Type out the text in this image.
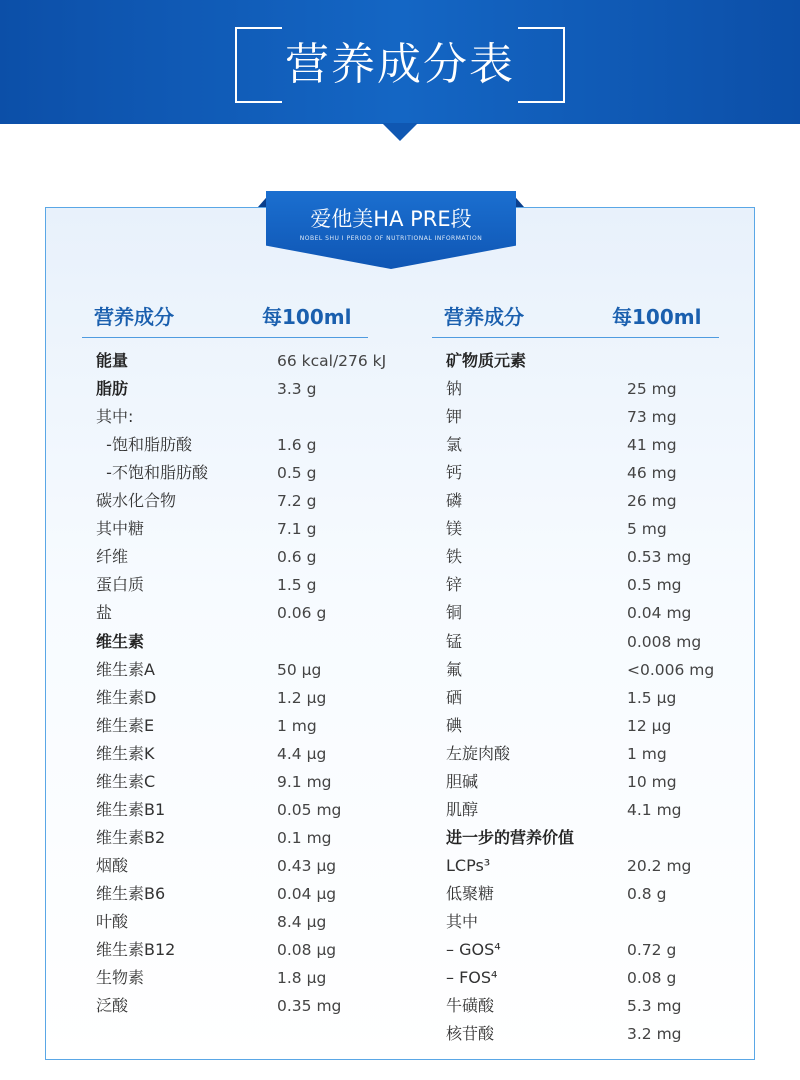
营养成分表
爱他美HA PRE段
NOBEL SHU I PERIOD OF NUTRITIONAL INFORMATION
营养成分	每100ml	营养成分	每100ml
能量	66 kcal/276 kJ
脂肪	3.3 g
其中:
-饱和脂肪酸	1.6 g
-不饱和脂肪酸	0.5 g
碳水化合物	7.2 g
其中糖	7.1 g
纤维	0.6 g
蛋白质	1.5 g
盐	0.06 g
维生素
维生素A	50 µg
维生素D	1.2 µg
维生素E	1 mg
维生素K	4.4 µg
维生素C	9.1 mg
维生素B1	0.05 mg
维生素B2	0.1 mg
烟酸	0.43 µg
维生素B6	0.04 µg
叶酸	8.4 µg
维生素B12	0.08 µg
生物素	1.8 µg
泛酸	0.35 mg
矿物质元素
钠	25 mg
钾	73 mg
氯	41 mg
钙	46 mg
磷	26 mg
镁	5 mg
铁	0.53 mg
锌	0.5 mg
铜	0.04 mg
锰	0.008 mg
氟	<0.006 mg
硒	1.5 µg
碘	12 µg
左旋肉酸	1 mg
胆碱	10 mg
肌醇	4.1 mg
进一步的营养价值
LCPs³	20.2 mg
低聚糖	0.8 g
其中
– GOS⁴	0.72 g
– FOS⁴	0.08 g
牛磺酸	5.3 mg
核苷酸	3.2 mg
